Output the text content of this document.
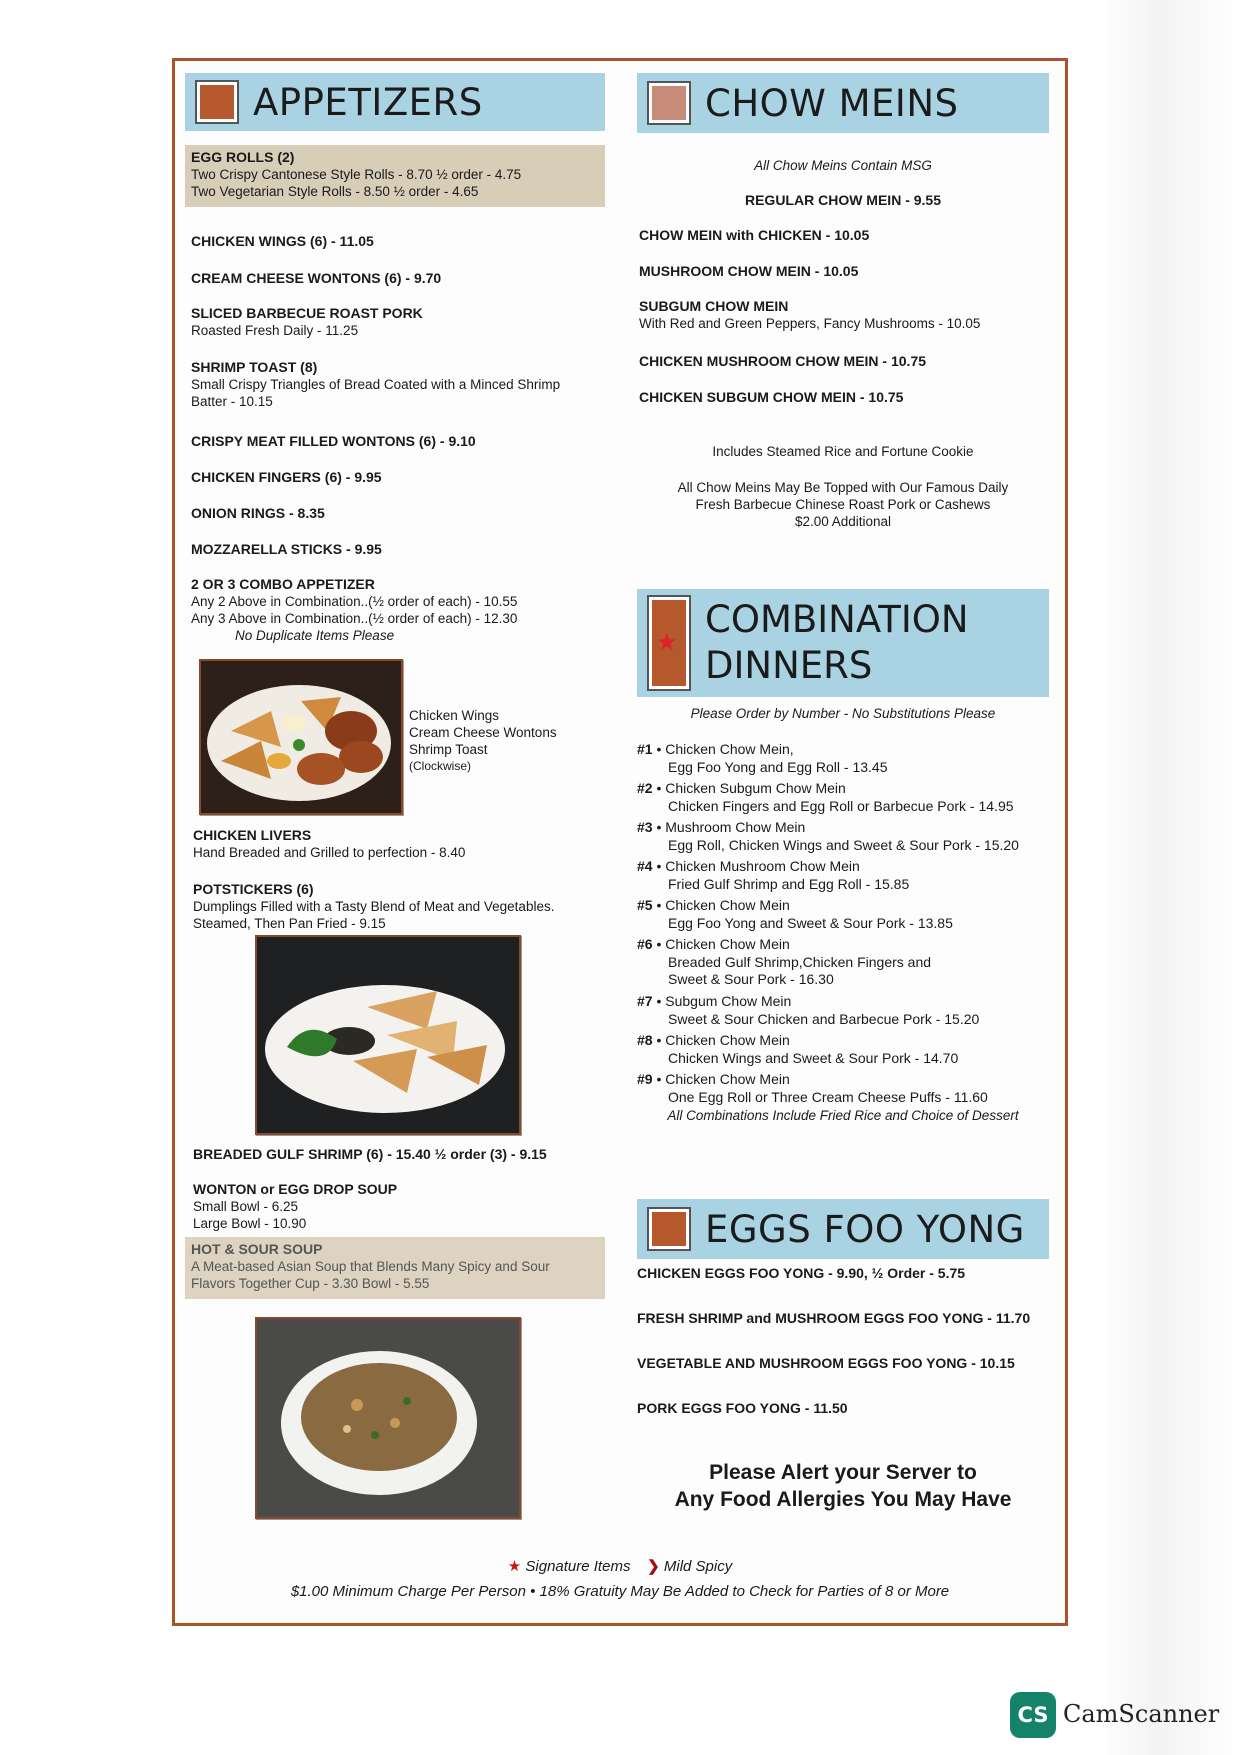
APPETIZERS
EGG ROLLS (2)
Two Crispy Cantonese Style Rolls - 8.70 ½ order - 4.75
Two Vegetarian Style Rolls - 8.50 ½ order - 4.65
CHICKEN WINGS (6) - 11.05
CREAM CHEESE WONTONS (6) - 9.70
SLICED BARBECUE ROAST PORK
Roasted Fresh Daily - 11.25
SHRIMP TOAST (8)
Small Crispy Triangles of Bread Coated with a Minced Shrimp
Batter - 10.15
CRISPY MEAT FILLED WONTONS (6) - 9.10
CHICKEN FINGERS (6) - 9.95
ONION RINGS - 8.35
MOZZARELLA STICKS - 9.95
2 OR 3 COMBO APPETIZER
Any 2 Above in Combination..(½ order of each) - 10.55
Any 3 Above in Combination..(½ order of each) - 12.30
No Duplicate Items Please
Chicken Wings
Cream Cheese Wontons
Shrimp Toast
(Clockwise)
CHICKEN LIVERS
Hand Breaded and Grilled to perfection - 8.40
POTSTICKERS (6)
Dumplings Filled with a Tasty Blend of Meat and Vegetables.
Steamed, Then Pan Fried - 9.15
BREADED GULF SHRIMP (6) - 15.40 ½ order (3) - 9.15
WONTON or EGG DROP SOUP
Small Bowl - 6.25
Large Bowl - 10.90
HOT & SOUR SOUP
A Meat-based Asian Soup that Blends Many Spicy and Sour
Flavors Together Cup - 3.30 Bowl - 5.55
CHOW MEINS
All Chow Meins Contain MSG
REGULAR CHOW MEIN - 9.55
CHOW MEIN with CHICKEN - 10.05
MUSHROOM CHOW MEIN - 10.05
SUBGUM CHOW MEIN
With Red and Green Peppers, Fancy Mushrooms - 10.05
CHICKEN MUSHROOM CHOW MEIN - 10.75
CHICKEN SUBGUM CHOW MEIN - 10.75
Includes Steamed Rice and Fortune Cookie
All Chow Meins May Be Topped with Our Famous Daily
Fresh Barbecue Chinese Roast Pork or Cashews
$2.00 Additional
★
COMBINATION
DINNERS
Please Order by Number - No Substitutions Please
#1 • Chicken Chow Mein,
Egg Foo Yong and Egg Roll - 13.45
#2 • Chicken Subgum Chow Mein
Chicken Fingers and Egg Roll or Barbecue Pork - 14.95
#3 • Mushroom Chow Mein
Egg Roll, Chicken Wings and Sweet & Sour Pork - 15.20
#4 • Chicken Mushroom Chow Mein
Fried Gulf Shrimp and Egg Roll - 15.85
#5 • Chicken Chow Mein
Egg Foo Yong and Sweet & Sour Pork - 13.85
#6 • Chicken Chow Mein
Breaded Gulf Shrimp,Chicken Fingers and
Sweet & Sour Pork - 16.30
#7 • Subgum Chow Mein
Sweet & Sour Chicken and Barbecue Pork - 15.20
#8 • Chicken Chow Mein
Chicken Wings and Sweet & Sour Pork - 14.70
#9 • Chicken Chow Mein
One Egg Roll or Three Cream Cheese Puffs - 11.60
All Combinations Include Fried Rice and Choice of Dessert
EGGS FOO YONG
CHICKEN EGGS FOO YONG - 9.90, ½ Order - 5.75
FRESH SHRIMP and MUSHROOM EGGS FOO YONG - 11.70
VEGETABLE AND MUSHROOM EGGS FOO YONG - 10.15
PORK EGGS FOO YONG - 11.50
Please Alert your Server to
Any Food Allergies You May Have
★ Signature Items ❯ Mild Spicy
$1.00 Minimum Charge Per Person • 18% Gratuity May Be Added to Check for Parties of 8 or More
CS CamScanner
